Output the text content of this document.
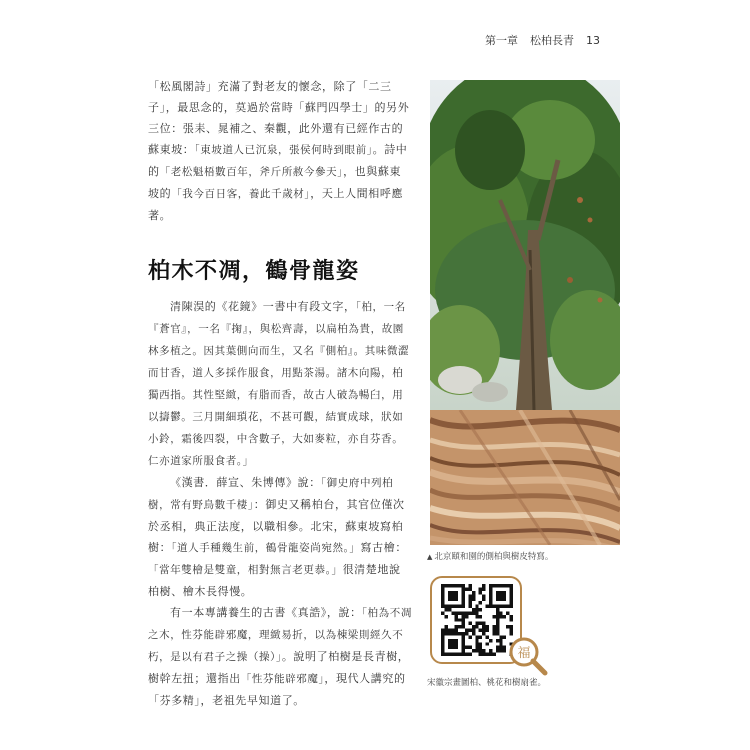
第一章 松柏長青 13

「松風閣詩」充滿了對老友的懷念，除了「二三子」，最思念的，莫過於當時「蘇門四學士」的另外三位：張耒、晁補之、秦觀，此外還有已經作古的蘇東坡：「東坡道人已沉泉，張侯何時到眼前」。詩中的「老松魁梧數百年，斧斤所赦今參天」，也與蘇東坡的「我今百日客，養此千歲材」，天上人間相呼應著。

柏木不凋，鶴骨龍姿

清陳淏的《花鏡》一書中有段文字，「柏，一名『蒼官』，一名『掬』，與松齊壽，以扁柏為貴，故園林多植之。因其葉側向而生，又名『側柏』。其味微澀而甘香，道人多採作服食，用點茶湯。諸木向陽，柏獨西指。其性堅緻，有脂而香，故古人破為暢臼，用以擣鬱。三月開細瑣花，不甚可觀，結實成球，狀如小鈴，霜後四裂，中含數子，大如麥粒，亦自芬香。仁亦道家所服食者。」

《漢書．薛宣、朱博傳》說：「御史府中列柏樹，常有野鳥數千棲」：御史又稱柏台，其官位僅次於丞相，典正法度，以職相參。北宋，蘇東坡寫柏樹：「道人手種幾生前，鶴骨龍姿尚宛然。」寫古檜：「當年雙檜是雙童，相對無言老更恭。」很清楚地說柏樹、檜木長得慢。

有一本專講養生的古書《真誥》，說：「柏為不凋之木，性芬能辟邪魔，理緻易折，以為棟梁則經久不朽，是以有君子之操（操）」。說明了柏樹是長青樹，樹幹左扭；還指出「性芬能辟邪魔」，現代人講究的「芬多精」，老祖先早知道了。

▲ 北京頤和園的側柏與樹皮特寫。
福
宋徽宗畫圖柏、桃花和樹扇雀。
